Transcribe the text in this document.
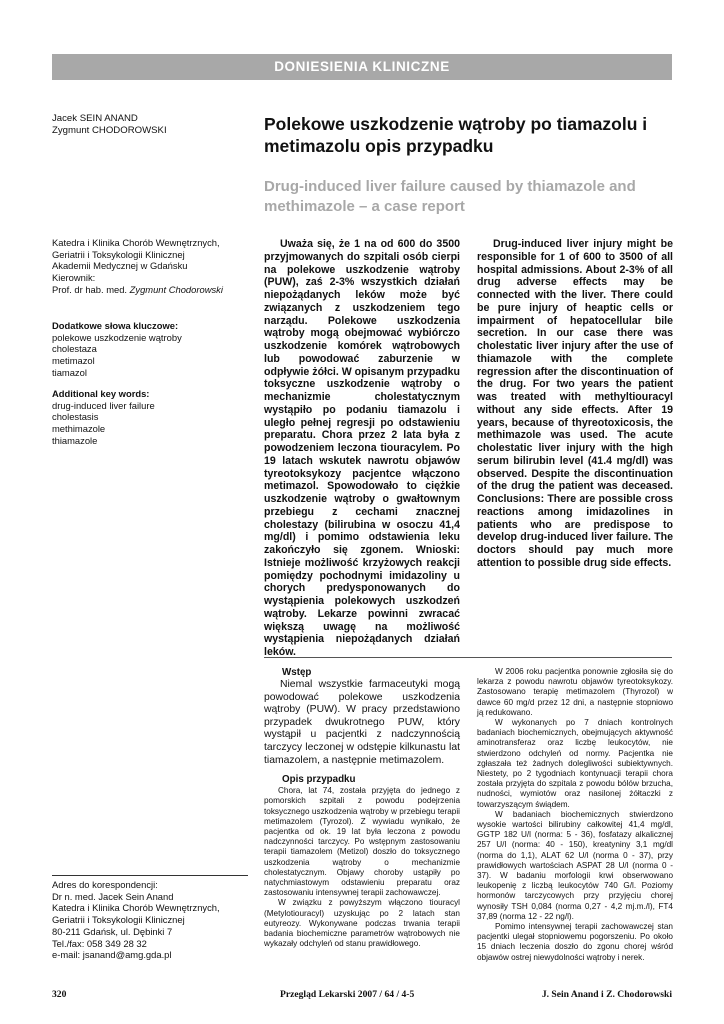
DONIESIENIA KLINICZNE
Jacek SEIN ANAND
Zygmunt CHODOROWSKI	Polekowe uszkodzenie wątroby po tiamazolu i metimazolu opis przypadku
Drug-induced liver failure caused by thiamazole and methimazole – a case report
Katedra i Klinika Chorób Wewnętrznych,
Geriatrii i Toksykologii Klinicznej
Akademii Medycznej w Gdańsku
Kierownik:
Prof. dr hab. med. Zygmunt Chodorowski
Dodatkowe słowa kluczowe:
polekowe uszkodzenie wątroby
cholestaza
metimazol
tiamazol
Additional key words:
drug-induced liver failure
cholestasis
methimazole
thiamazole
Adres do korespondencji:
Dr n. med. Jacek Sein Anand
Katedra i Klinika Chorób Wewnętrznych,
Geriatrii i Toksykologii Klinicznej
80-211 Gdańsk, ul. Dębinki 7
Tel./fax: 058 349 28 32
e-mail: jsanand@amg.gda.pl
Uważa się, że 1 na od 600 do 3500 przyjmowanych do szpitali osób cierpi na polekowe uszkodzenie wątroby (PUW), zaś 2-3% wszystkich działań niepożądanych leków może być związanych z uszkodzeniem tego narządu. Polekowe uszkodzenia wątroby mogą obejmować wybiórczo uszkodzenie komórek wątrobowych lub powodować zaburzenie w odpływie żółci. W opisanym przypadku toksyczne uszkodzenie wątroby o mechanizmie cholestatycznym wystąpiło po podaniu tiamazolu i uległo pełnej regresji po odstawieniu preparatu. Chora przez 2 lata była z powodzeniem leczona tiouracylem. Po 19 latach wskutek nawrotu objawów tyreotoksykozy pacjentce włączono metimazol. Spowodowało to ciężkie uszkodzenie wątroby o gwałtownym przebiegu z cechami znacznej cholestazy (bilirubina w osoczu 41,4 mg/dl) i pomimo odstawienia leku zakończyło się zgonem. Wnioski: Istnieje możliwość krzyżowych reakcji pomiędzy pochodnymi imidazoliny u chorych predysponowanych do wystąpienia polekowych uszkodzeń wątroby. Lekarze powinni zwracać większą uwagę na możliwość wystąpienia niepożądanych działań leków.
Drug-induced liver injury might be responsible for 1 of 600 to 3500 of all hospital admissions. About 2-3% of all drug adverse effects may be connected with the liver. There could be pure injury of heaptic cells or impairment of hepatocellular bile secretion. In our case there was cholestatic liver injury after the use of thiamazole with the complete regression after the discontinuation of the drug. For two years the patient was treated with methyltiouracyl without any side effects. After 19 years, because of thyreotoxicosis, the methimazole was used. The acute cholestatic liver injury with the high serum bilirubin level (41.4 mg/dl) was observed. Despite the discontinuation of the drug the patient was deceased. Conclusions: There are possible cross reactions among imidazolines in patients who are predispose to develop drug-induced liver failure. The doctors should pay much more attention to possible drug side effects.
Wstęp

Niemal wszystkie farmaceutyki mogą powodować polekowe uszkodzenia wątroby (PUW). W pracy przedstawiono przypadek dwukrotnego PUW, który wystąpił u pacjentki z nadczynnością tarczycy leczonej w odstępie kilkunastu lat tiamazolem, a następnie metimazolem.

Opis przypadku

Chora, lat 74, została przyjęta do jednego z pomorskich szpitali z powodu podejrzenia toksycznego uszkodzenia wątroby w przebiegu terapii metimazolem (Tyrozol). Z wywiadu wynikało, że pacjentka od ok. 19 lat była leczona z powodu nadczynności tarczycy. Po wstępnym zastosowaniu terapii tiamazolem (Metizol) doszło do toksycznego uszkodzenia wątroby o mechanizmie cholestatycznym. Objawy choroby ustąpiły po natychmiastowym odstawieniu preparatu oraz zastosowaniu intensywnej terapii zachowawczej.

W związku z powyższym włączono tiouracyl (Metylotiouracyl) uzyskując po 2 latach stan eutyreozy. Wykonywane podczas trwania terapii badania biochemiczne parametrów wątrobowych nie wykazały odchyleń od stanu prawidłowego.

W 2006 roku pacjentka ponownie zgłosiła się do lekarza z powodu nawrotu objawów tyreotoksykozy. Zastosowano terapię metimazolem (Thyrozol) w dawce 60 mg/d przez 12 dni, a następnie stopniowo ją redukowano.

W wykonanych po 7 dniach kontrolnych badaniach biochemicznych, obejmujących aktywność aminotransferaz oraz liczbę leukocytów, nie stwierdzono odchyleń od normy. Pacjentka nie zgłaszała też żadnych dolegliwości subiektywnych. Niestety, po 2 tygodniach kontynuacji terapii chora została przyjęta do szpitala z powodu bólów brzucha, nudności, wymiotów oraz nasilonej żółtaczki z towarzyszącym świądem.

W badaniach biochemicznych stwierdzono wysokie wartości bilirubiny całkowitej 41,4 mg/dl, GGTP 182 U/l (norma: 5 - 36), fosfatazy alkalicznej 257 U/l (norma: 40 - 150), kreatyniny 3,1 mg/dl (norma do 1,1), ALAT 62 U/l (norma 0 - 37), przy prawidłowych wartościach ASPAT 28 U/l (norma 0 - 37). W badaniu morfologii krwi obserwowano leukopenię z liczbą leukocytów 740 G/l. Poziomy hormonów tarczycowych przy przyjęciu chorej wynosiły TSH 0,084 (norma 0,27 - 4,2 mj.m./l), FT4 37,89 (norma 12 - 22 ng/l).

Pomimo intensywnej terapii zachowawczej stan pacjentki ulegał stopniowemu pogorszeniu. Po około 15 dniach leczenia doszło do zgonu chorej wśród objawów ostrej niewydolności wątroby i nerek.

320	Przegląd Lekarski 2007 / 64 / 4-5	J. Sein Anand i Z. Chodorowski
